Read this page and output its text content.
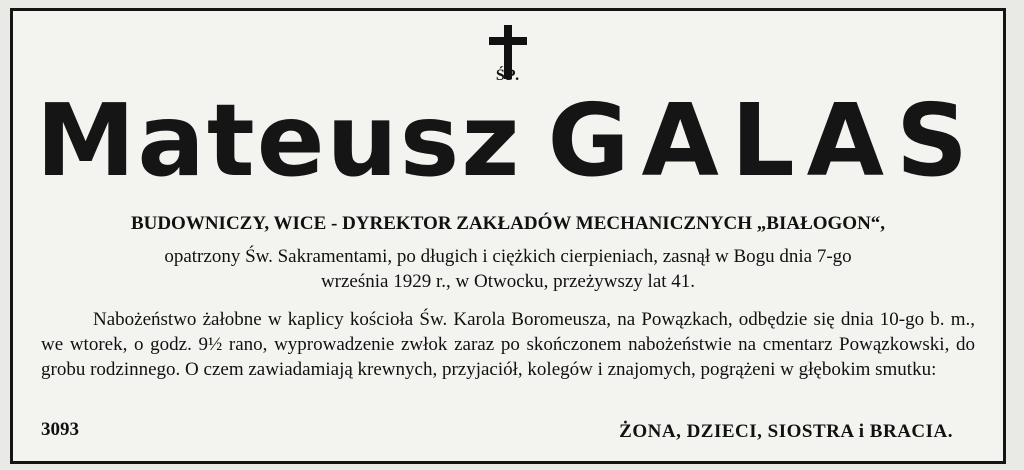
ŚP.
Mateusz GALAS
BUDOWNICZY, WICE - DYREKTOR ZAKŁADÓW MECHANICZNYCH „BIAŁOGON“,
opatrzony Św. Sakramentami, po długich i ciężkich cierpieniach, zasnął w Bogu dnia 7-go
września 1929 r., w Otwocku, przeżywszy lat 41.
Nabożeństwo żałobne w kaplicy kościoła Św. Karola Boromeusza, na Powązkach, odbędzie się dnia 10-go b. m., we wtorek, o godz. 9½ rano, wyprowadzenie zwłok zaraz po skończonem nabożeństwie na cmentarz Powązkowski, do grobu rodzinnego. O czem zawiadamiają krewnych, przyjaciół, kolegów i znajomych, pogrążeni w głębokim smutku:
3093	ŻONA, DZIECI, SIOSTRA i BRACIA.
